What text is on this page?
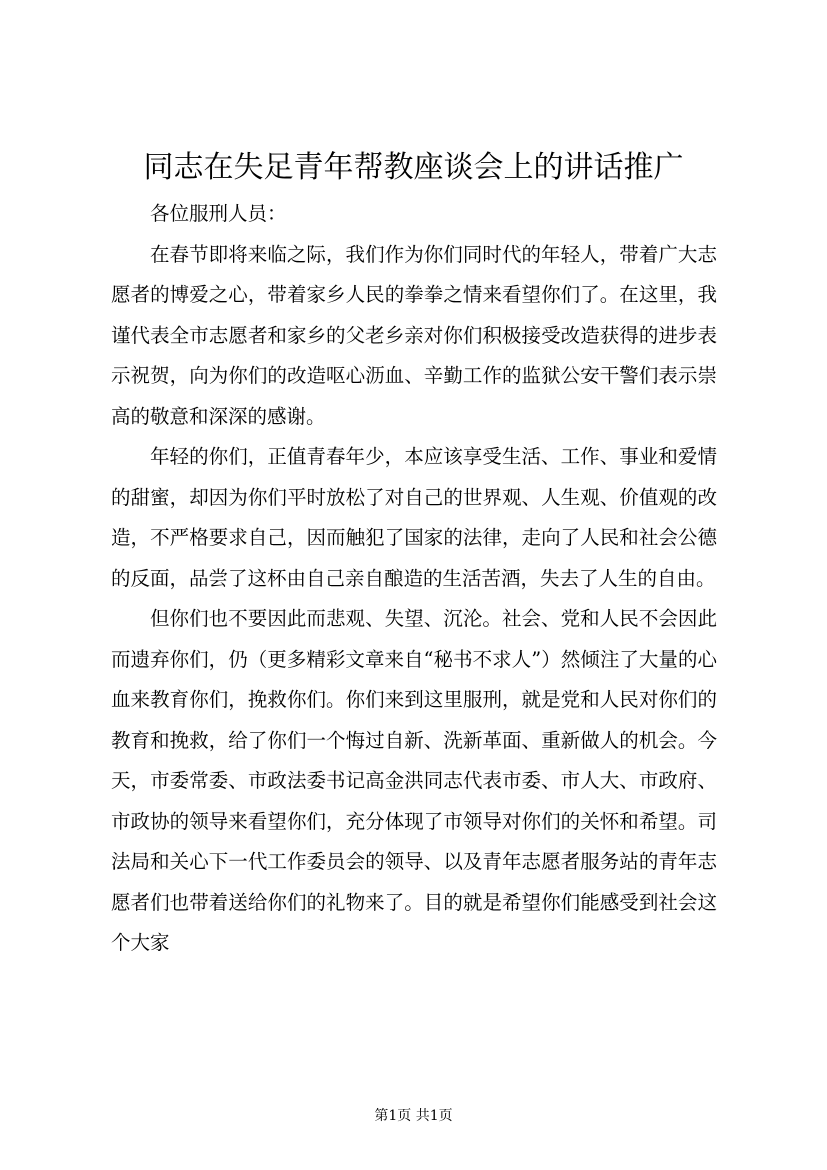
同志在失足青年帮教座谈会上的讲话推广

各位服刑人员：

在春节即将来临之际，我们作为你们同时代的年轻人，带着广大志愿者的博爱之心，带着家乡人民的拳拳之情来看望你们了。在这里，我谨代表全市志愿者和家乡的父老乡亲对你们积极接受改造获得的进步表示祝贺，向为你们的改造呕心沥血、辛勤工作的监狱公安干警们表示崇高的敬意和深深的感谢。

年轻的你们，正值青春年少，本应该享受生活、工作、事业和爱情的甜蜜，却因为你们平时放松了对自己的世界观、人生观、价值观的改造，不严格要求自己，因而触犯了国家的法律，走向了人民和社会公德的反面，品尝了这杯由自己亲自酿造的生活苦酒，失去了人生的自由。

但你们也不要因此而悲观、失望、沉沦。社会、党和人民不会因此而遗弃你们，仍（更多精彩文章来自“秘书不求人”）然倾注了大量的心血来教育你们，挽救你们。你们来到这里服刑，就是党和人民对你们的教育和挽救，给了你们一个悔过自新、洗新革面、重新做人的机会。今天，市委常委、市政法委书记高金洪同志代表市委、市人大、市政府、市政协的领导来看望你们，充分体现了市领导对你们的关怀和希望。司法局和关心下一代工作委员会的领导、以及青年志愿者服务站的青年志愿者们也带着送给你们的礼物来了。目的就是希望你们能感受到社会这个大家

第1页 共1页
